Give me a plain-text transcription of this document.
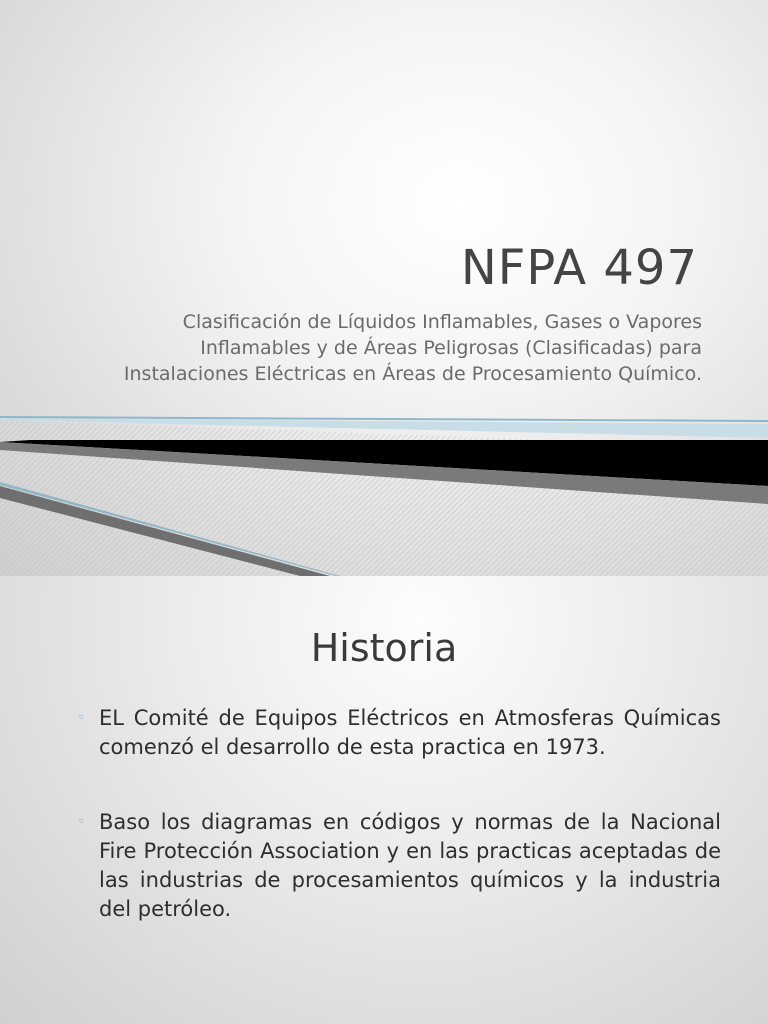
NFPA 497

Clasificación de Líquidos Inflamables, Gases o Vapores
Inflamables y de Áreas Peligrosas (Clasificadas) para
Instalaciones Eléctricas en Áreas de Procesamiento Químico.

Historia
◦ EL Comité de Equipos Eléctricos en Atmosferas Químicas comenzó el desarrollo de esta practica en 1973.
◦ Baso los diagramas en códigos y normas de la Nacional Fire Protección Association y en las practicas aceptadas de las industrias de procesamientos químicos y la industria del petróleo.
